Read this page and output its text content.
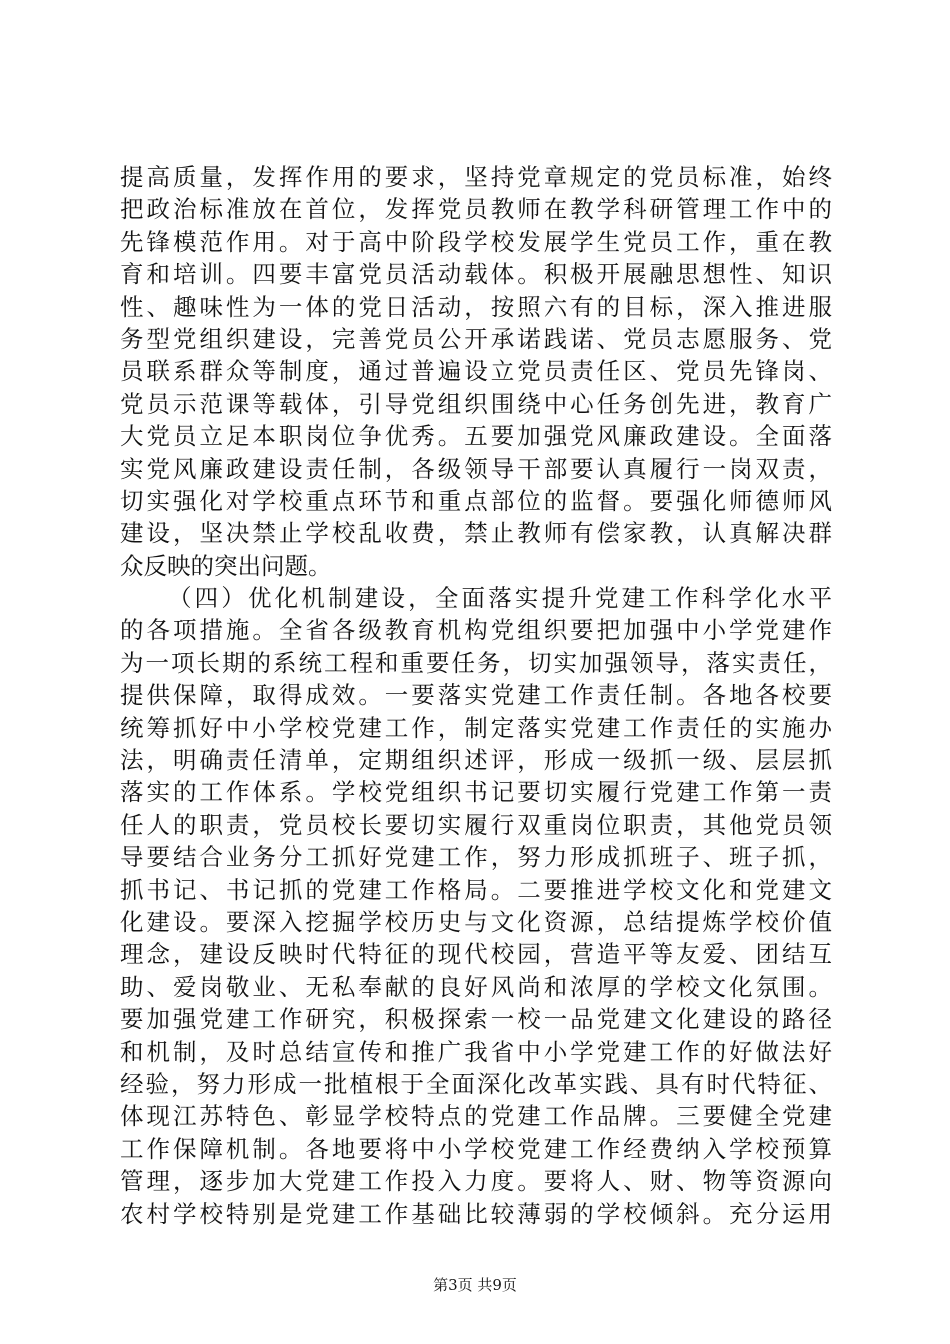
提高质量，发挥作用的要求，坚持党章规定的党员标准，始终
把政治标准放在首位，发挥党员教师在教学科研管理工作中的
先锋模范作用。对于高中阶段学校发展学生党员工作，重在教
育和培训。四要丰富党员活动载体。积极开展融思想性、知识
性、趣味性为一体的党日活动，按照六有的目标，深入推进服
务型党组织建设，完善党员公开承诺践诺、党员志愿服务、党
员联系群众等制度，通过普遍设立党员责任区、党员先锋岗、
党员示范课等载体，引导党组织围绕中心任务创先进，教育广
大党员立足本职岗位争优秀。五要加强党风廉政建设。全面落
实党风廉政建设责任制，各级领导干部要认真履行一岗双责，
切实强化对学校重点环节和重点部位的监督。要强化师德师风
建设，坚决禁止学校乱收费，禁止教师有偿家教，认真解决群
众反映的突出问题。
（四）优化机制建设，全面落实提升党建工作科学化水平
的各项措施。全省各级教育机构党组织要把加强中小学党建作
为一项长期的系统工程和重要任务，切实加强领导，落实责任，
提供保障，取得成效。一要落实党建工作责任制。各地各校要
统筹抓好中小学校党建工作，制定落实党建工作责任的实施办
法，明确责任清单，定期组织述评，形成一级抓一级、层层抓
落实的工作体系。学校党组织书记要切实履行党建工作第一责
任人的职责，党员校长要切实履行双重岗位职责，其他党员领
导要结合业务分工抓好党建工作，努力形成抓班子、班子抓，
抓书记、书记抓的党建工作格局。二要推进学校文化和党建文
化建设。要深入挖掘学校历史与文化资源，总结提炼学校价值
理念，建设反映时代特征的现代校园，营造平等友爱、团结互
助、爱岗敬业、无私奉献的良好风尚和浓厚的学校文化氛围。
要加强党建工作研究，积极探索一校一品党建文化建设的路径
和机制，及时总结宣传和推广我省中小学党建工作的好做法好
经验，努力形成一批植根于全面深化改革实践、具有时代特征、
体现江苏特色、彰显学校特点的党建工作品牌。三要健全党建
工作保障机制。各地要将中小学校党建工作经费纳入学校预算
管理，逐步加大党建工作投入力度。要将人、财、物等资源向
农村学校特别是党建工作基础比较薄弱的学校倾斜。充分运用
第3页 共9页
